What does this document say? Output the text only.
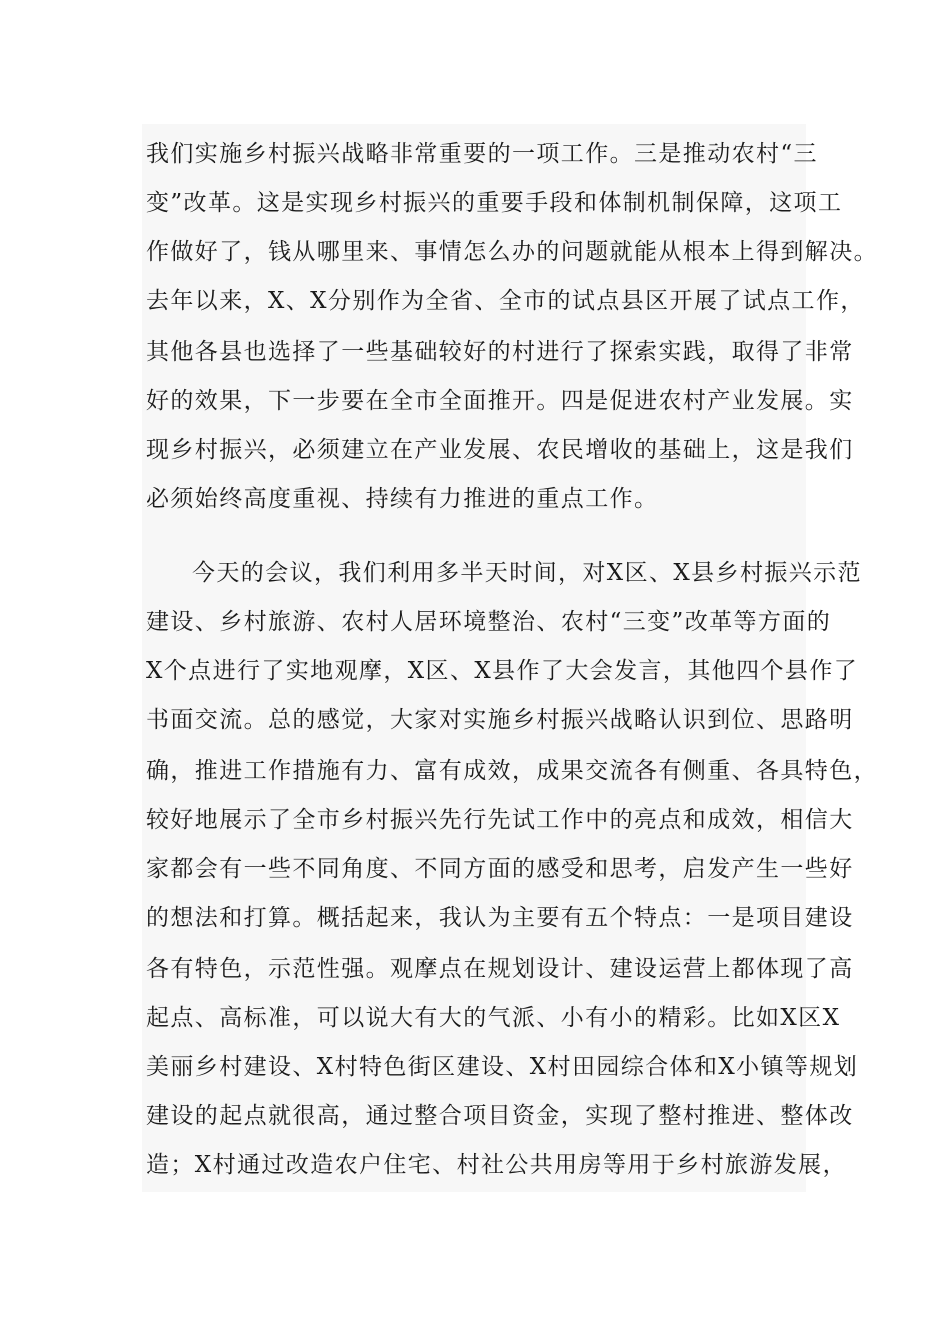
我们实施乡村振兴战略非常重要的一项工作。三是推动农村“三
变”改革。这是实现乡村振兴的重要手段和体制机制保障，这项工
作做好了，钱从哪里来、事情怎么办的问题就能从根本上得到解决。
去年以来，X、X分别作为全省、全市的试点县区开展了试点工作，
其他各县也选择了一些基础较好的村进行了探索实践，取得了非常
好的效果，下一步要在全市全面推开。四是促进农村产业发展。实
现乡村振兴，必须建立在产业发展、农民增收的基础上，这是我们
必须始终高度重视、持续有力推进的重点工作。
今天的会议，我们利用多半天时间，对X区、X县乡村振兴示范
建设、乡村旅游、农村人居环境整治、农村“三变”改革等方面的
X个点进行了实地观摩，X区、X县作了大会发言，其他四个县作了
书面交流。总的感觉，大家对实施乡村振兴战略认识到位、思路明
确，推进工作措施有力、富有成效，成果交流各有侧重、各具特色，
较好地展示了全市乡村振兴先行先试工作中的亮点和成效，相信大
家都会有一些不同角度、不同方面的感受和思考，启发产生一些好
的想法和打算。概括起来，我认为主要有五个特点：一是项目建设
各有特色，示范性强。观摩点在规划设计、建设运营上都体现了高
起点、高标准，可以说大有大的气派、小有小的精彩。比如X区X
美丽乡村建设、X村特色街区建设、X村田园综合体和X小镇等规划
建设的起点就很高，通过整合项目资金，实现了整村推进、整体改
造；X村通过改造农户住宅、村社公共用房等用于乡村旅游发展，
